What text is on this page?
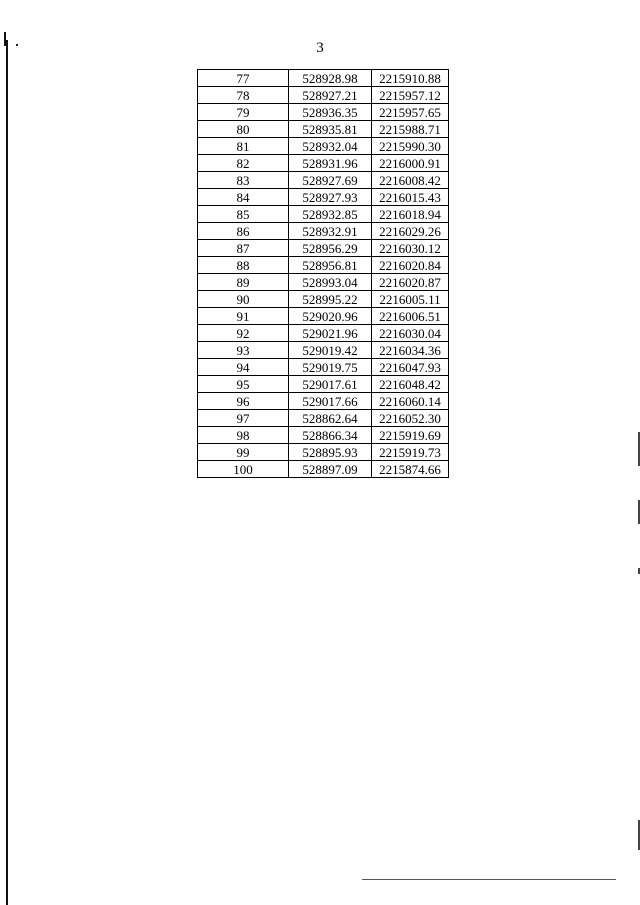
3
77	528928.98	2215910.88
78	528927.21	2215957.12
79	528936.35	2215957.65
80	528935.81	2215988.71
81	528932.04	2215990.30
82	528931.96	2216000.91
83	528927.69	2216008.42
84	528927.93	2216015.43
85	528932.85	2216018.94
86	528932.91	2216029.26
87	528956.29	2216030.12
88	528956.81	2216020.84
89	528993.04	2216020.87
90	528995.22	2216005.11
91	529020.96	2216006.51
92	529021.96	2216030.04
93	529019.42	2216034.36
94	529019.75	2216047.93
95	529017.61	2216048.42
96	529017.66	2216060.14
97	528862.64	2216052.30
98	528866.34	2215919.69
99	528895.93	2215919.73
100	528897.09	2215874.66
